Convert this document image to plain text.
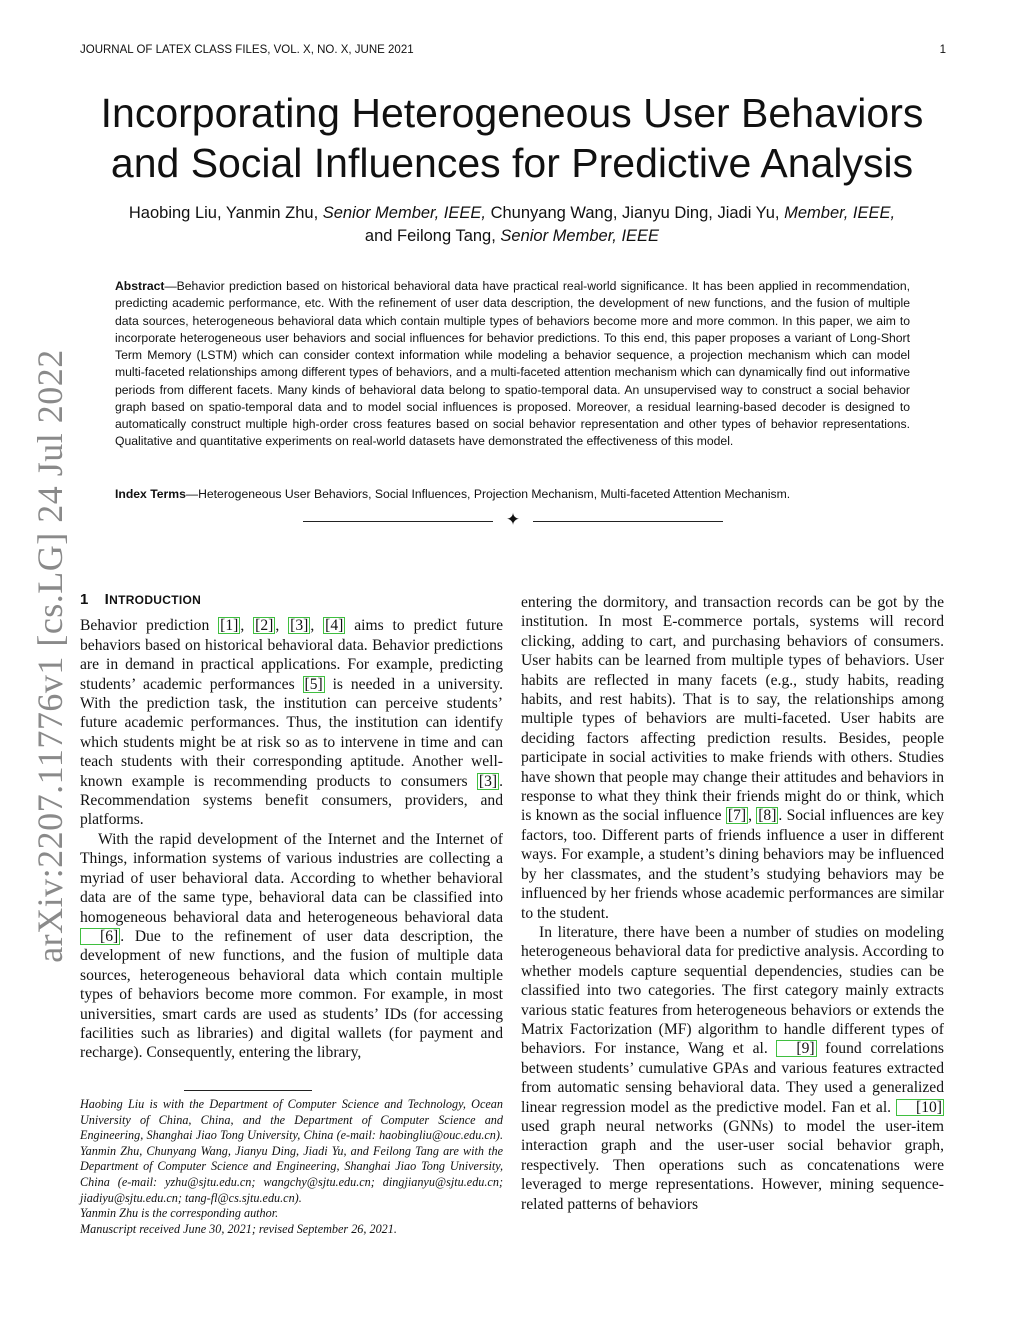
JOURNAL OF LATEX CLASS FILES, VOL. X, NO. X, JUNE 2021	1
arXiv:2207.11776v1 [cs.LG] 24 Jul 2022
Incorporating Heterogeneous User Behaviors
and Social Influences for Predictive Analysis
Haobing Liu, Yanmin Zhu, Senior Member, IEEE, Chunyang Wang, Jianyu Ding, Jiadi Yu, Member, IEEE,
and Feilong Tang, Senior Member, IEEE
Abstract—Behavior prediction based on historical behavioral data have practical real-world significance. It has been applied in recommendation, predicting academic performance, etc. With the refinement of user data description, the development of new functions, and the fusion of multiple data sources, heterogeneous behavioral data which contain multiple types of behaviors become more and more common. In this paper, we aim to incorporate heterogeneous user behaviors and social influences for behavior predictions. To this end, this paper proposes a variant of Long-Short Term Memory (LSTM) which can consider context information while modeling a behavior sequence, a projection mechanism which can model multi-faceted relationships among different types of behaviors, and a multi-faceted attention mechanism which can dynamically find out informative periods from different facets. Many kinds of behavioral data belong to spatio-temporal data. An unsupervised way to construct a social behavior graph based on spatio-temporal data and to model social influences is proposed. Moreover, a residual learning-based decoder is designed to automatically construct multiple high-order cross features based on social behavior representation and other types of behavior representations. Qualitative and quantitative experiments on real-world datasets have demonstrated the effectiveness of this model.
Index Terms—Heterogeneous User Behaviors, Social Influences, Projection Mechanism, Multi-faceted Attention Mechanism.
✦
1 INTRODUCTION

Behavior prediction [1] , [2] , [3] , [4] aims to predict future behaviors based on historical behavioral data. Behavior predictions are in demand in practical applications. For example, predicting students’ academic performances [5] is needed in a university. With the prediction task, the institution can perceive students’ future academic performances. Thus, the institution can identify which students might be at risk so as to intervene in time and can teach students with their corresponding aptitude. Another well-known example is recommending products to consumers [3] . Recommendation systems benefit consumers, providers, and platforms.

With the rapid development of the Internet and the Internet of Things, information systems of various industries are collecting a myriad of user behavioral data. According to whether behavioral data are of the same type, behavioral data can be classified into homogeneous behavioral data and heterogeneous behavioral data [6] . Due to the refinement of user data description, the development of new functions, and the fusion of multiple data sources, heterogeneous behavioral data which contain multiple types of behaviors become more common. For example, in most universities, smart cards are used as students’ IDs (for accessing facilities such as libraries) and digital wallets (for payment and recharge). Consequently, entering the library,

Haobing Liu is with the Department of Computer Science and Technology, Ocean University of China, China, and the Department of Computer Science and Engineering, Shanghai Jiao Tong University, China (e-mail: haobingliu@ouc.edu.cn). Yanmin Zhu, Chunyang Wang, Jianyu Ding, Jiadi Yu, and Feilong Tang are with the Department of Computer Science and Engineering, Shanghai Jiao Tong University, China (e-mail: yzhu@sjtu.edu.cn; wangchy@sjtu.edu.cn; dingjianyu@sjtu.edu.cn; jiadiyu@sjtu.edu.cn; tang-fl@cs.sjtu.edu.cn).

Yanmin Zhu is the corresponding author.

Manuscript received June 30, 2021; revised September 26, 2021.

entering the dormitory, and transaction records can be got by the institution. In most E-commerce portals, systems will record clicking, adding to cart, and purchasing behaviors of consumers. User habits can be learned from multiple types of behaviors. User habits are reflected in many facets (e.g., study habits, reading habits, and rest habits). That is to say, the relationships among multiple types of behaviors are multi-faceted. User habits are deciding factors affecting prediction results. Besides, people participate in social activities to make friends with others. Studies have shown that people may change their attitudes and behaviors in response to what they think their friends might do or think, which is known as the social influence [7] , [8] . Social influences are key factors, too. Different parts of friends influence a user in different ways. For example, a student’s dining behaviors may be influenced by her classmates, and the student’s studying behaviors may be influenced by her friends whose academic performances are similar to the student.

In literature, there have been a number of studies on modeling heterogeneous behavioral data for predictive analysis. According to whether models capture sequential dependencies, studies can be classified into two categories. The first category mainly extracts various static features from heterogeneous behaviors or extends the Matrix Factorization (MF) algorithm to handle different types of behaviors. For instance, Wang et al. [9] found correlations between students’ cumulative GPAs and various features extracted from automatic sensing behavioral data. They used a generalized linear regression model as the predictive model. Fan et al. [10] used graph neural networks (GNNs) to model the user-item interaction graph and the user-user social behavior graph, respectively. Then operations such as concatenations were leveraged to merge representations. However, mining sequence-related patterns of behaviors
